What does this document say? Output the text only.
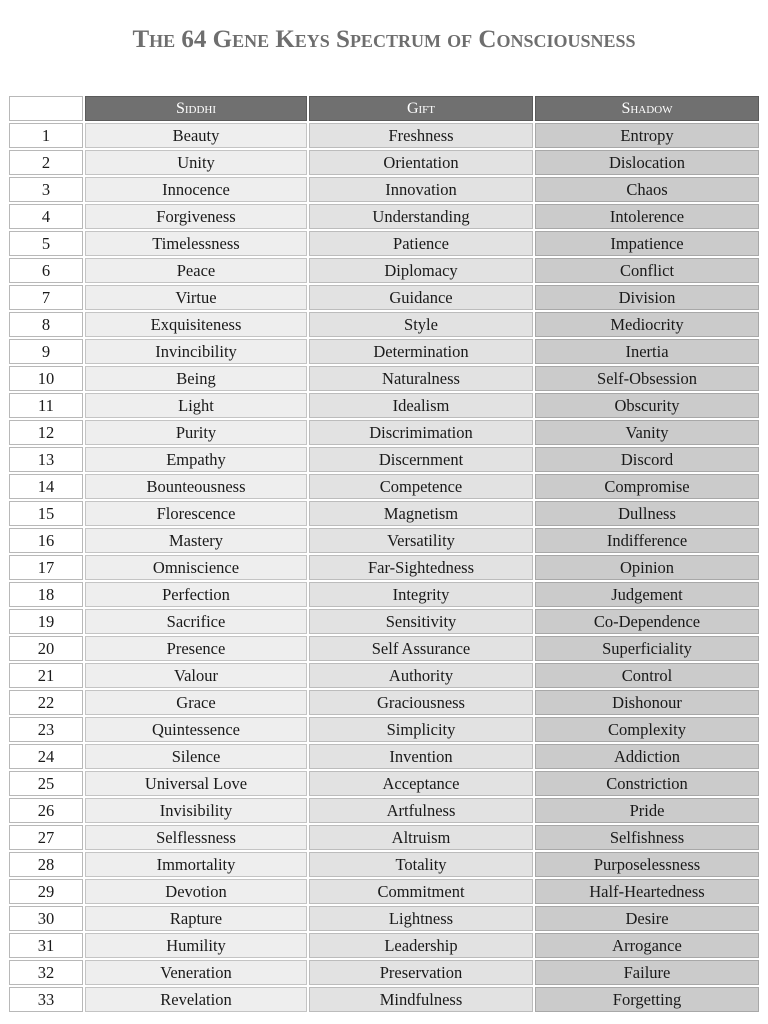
The 64 Gene Keys Spectrum of Consciousness
	Siddhi	Gift	Shadow
1	Beauty	Freshness	Entropy
2	Unity	Orientation	Dislocation
3	Innocence	Innovation	Chaos
4	Forgiveness	Understanding	Intolerence
5	Timelessness	Patience	Impatience
6	Peace	Diplomacy	Conflict
7	Virtue	Guidance	Division
8	Exquisiteness	Style	Mediocrity
9	Invincibility	Determination	Inertia
10	Being	Naturalness	Self-Obsession
11	Light	Idealism	Obscurity
12	Purity	Discrimimation	Vanity
13	Empathy	Discernment	Discord
14	Bounteousness	Competence	Compromise
15	Florescence	Magnetism	Dullness
16	Mastery	Versatility	Indifference
17	Omniscience	Far-Sightedness	Opinion
18	Perfection	Integrity	Judgement
19	Sacrifice	Sensitivity	Co-Dependence
20	Presence	Self Assurance	Superficiality
21	Valour	Authority	Control
22	Grace	Graciousness	Dishonour
23	Quintessence	Simplicity	Complexity
24	Silence	Invention	Addiction
25	Universal Love	Acceptance	Constriction
26	Invisibility	Artfulness	Pride
27	Selflessness	Altruism	Selfishness
28	Immortality	Totality	Purposelessness
29	Devotion	Commitment	Half-Heartedness
30	Rapture	Lightness	Desire
31	Humility	Leadership	Arrogance
32	Veneration	Preservation	Failure
33	Revelation	Mindfulness	Forgetting
